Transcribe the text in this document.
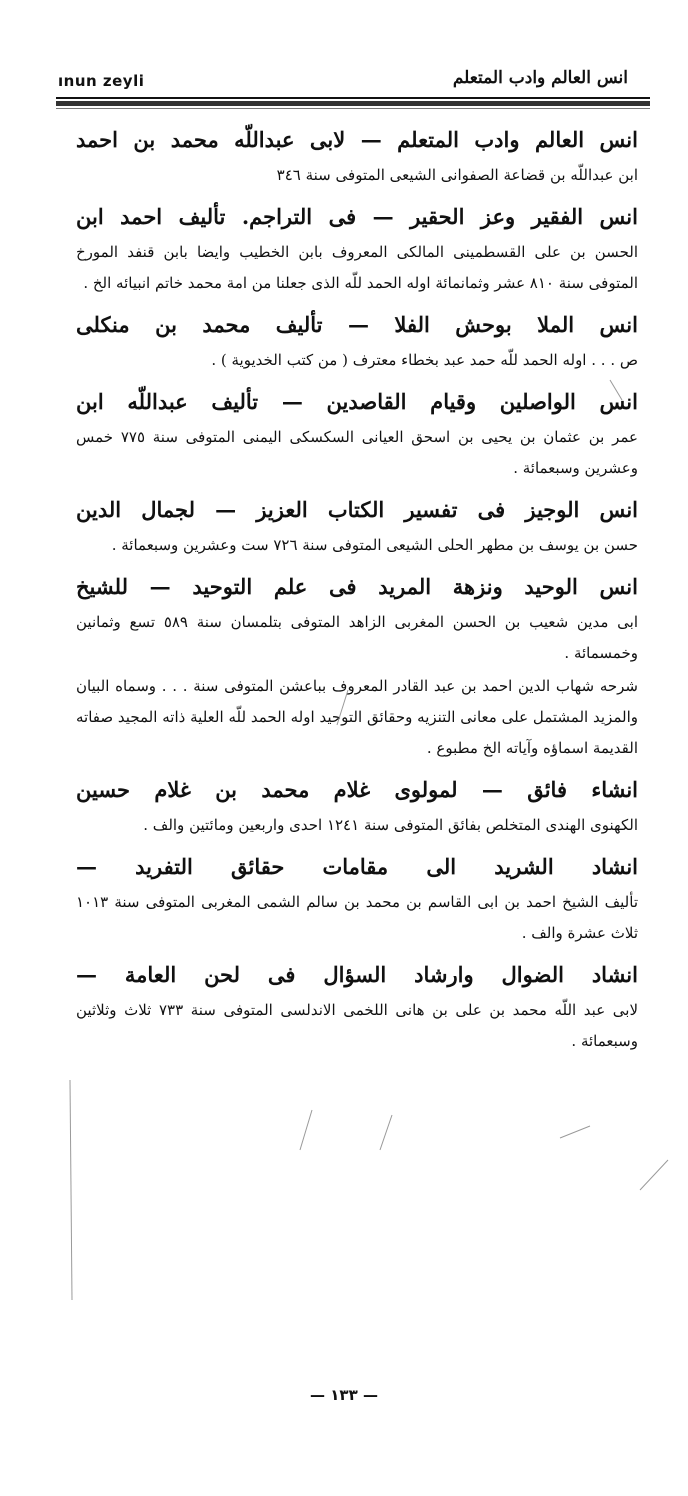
ınun zeyli	انس العالم وادب المتعلم

انس العالم وادب المتعلم — لابى عبداللّه محمد بن احمد

ابن عبداللّه بن قضاعة الصفوانى الشيعى المتوفى سنة ٣٤٦

انس الفقير وعز الحقير — فى التراجم. تأليف احمد ابن

الحسن بن على القسطمينى المالكى المعروف بابن الخطيب وايضا بابن قنفد المورخ المتوفى سنة ٨١٠ عشر وثمانمائة اوله الحمد للّه الذى جعلنا من امة محمد خاتم انبيائه الخ .

انس الملا بوحش الفلا — تأليف محمد بن منكلى

ص . . . اوله الحمد للّه حمد عبد بخطاء معترف ( من كتب الخديوية ) .

انس الواصلين وقيام القاصدين — تأليف عبداللّه ابن

عمر بن عثمان بن يحيى بن اسحق العيانى السكسكى اليمنى المتوفى سنة ٧٧٥ خمس وعشرين وسبعمائة .

انس الوجيز فى تفسير الكتاب العزيز — لجمال الدين

حسن بن يوسف بن مطهر الحلى الشيعى المتوفى سنة ٧٢٦ ست وعشرين وسبعمائة .

انس الوحيد ونزهة المريد فى علم التوحيد — للشيخ

ابى مدين شعيب بن الحسن المغربى الزاهد المتوفى بتلمسان سنة ٥٨٩ تسع وثمانين وخمسمائة .

شرحه شهاب الدين احمد بن عبد القادر المعروف بباعشن المتوفى سنة . . . وسماه البيان والمزيد المشتمل على معانى التنزيه وحقائق التوحيد اوله الحمد للّه العلية ذاته المجيد صفاته القديمة اسماؤه وآياته الخ مطبوع .

انشاء فائق — لمولوى غلام محمد بن غلام حسين

الكهنوى الهندى المتخلص بفائق المتوفى سنة ١٢٤١ احدى واربعين ومائتين والف .

انشاد الشريد الى مقامات حقائق التفريد —

تأليف الشيخ احمد بن ابى القاسم بن محمد بن سالم الشمى المغربى المتوفى سنة ١٠١٣ ثلاث عشرة والف .

انشاد الضوال وارشاد السؤال فى لحن العامة —

لابى عبد اللّه محمد بن على بن هانى اللخمى الاندلسى المتوفى سنة ٧٣٣ ثلاث وثلاثين وسبعمائة .

— ١٣٣ —
